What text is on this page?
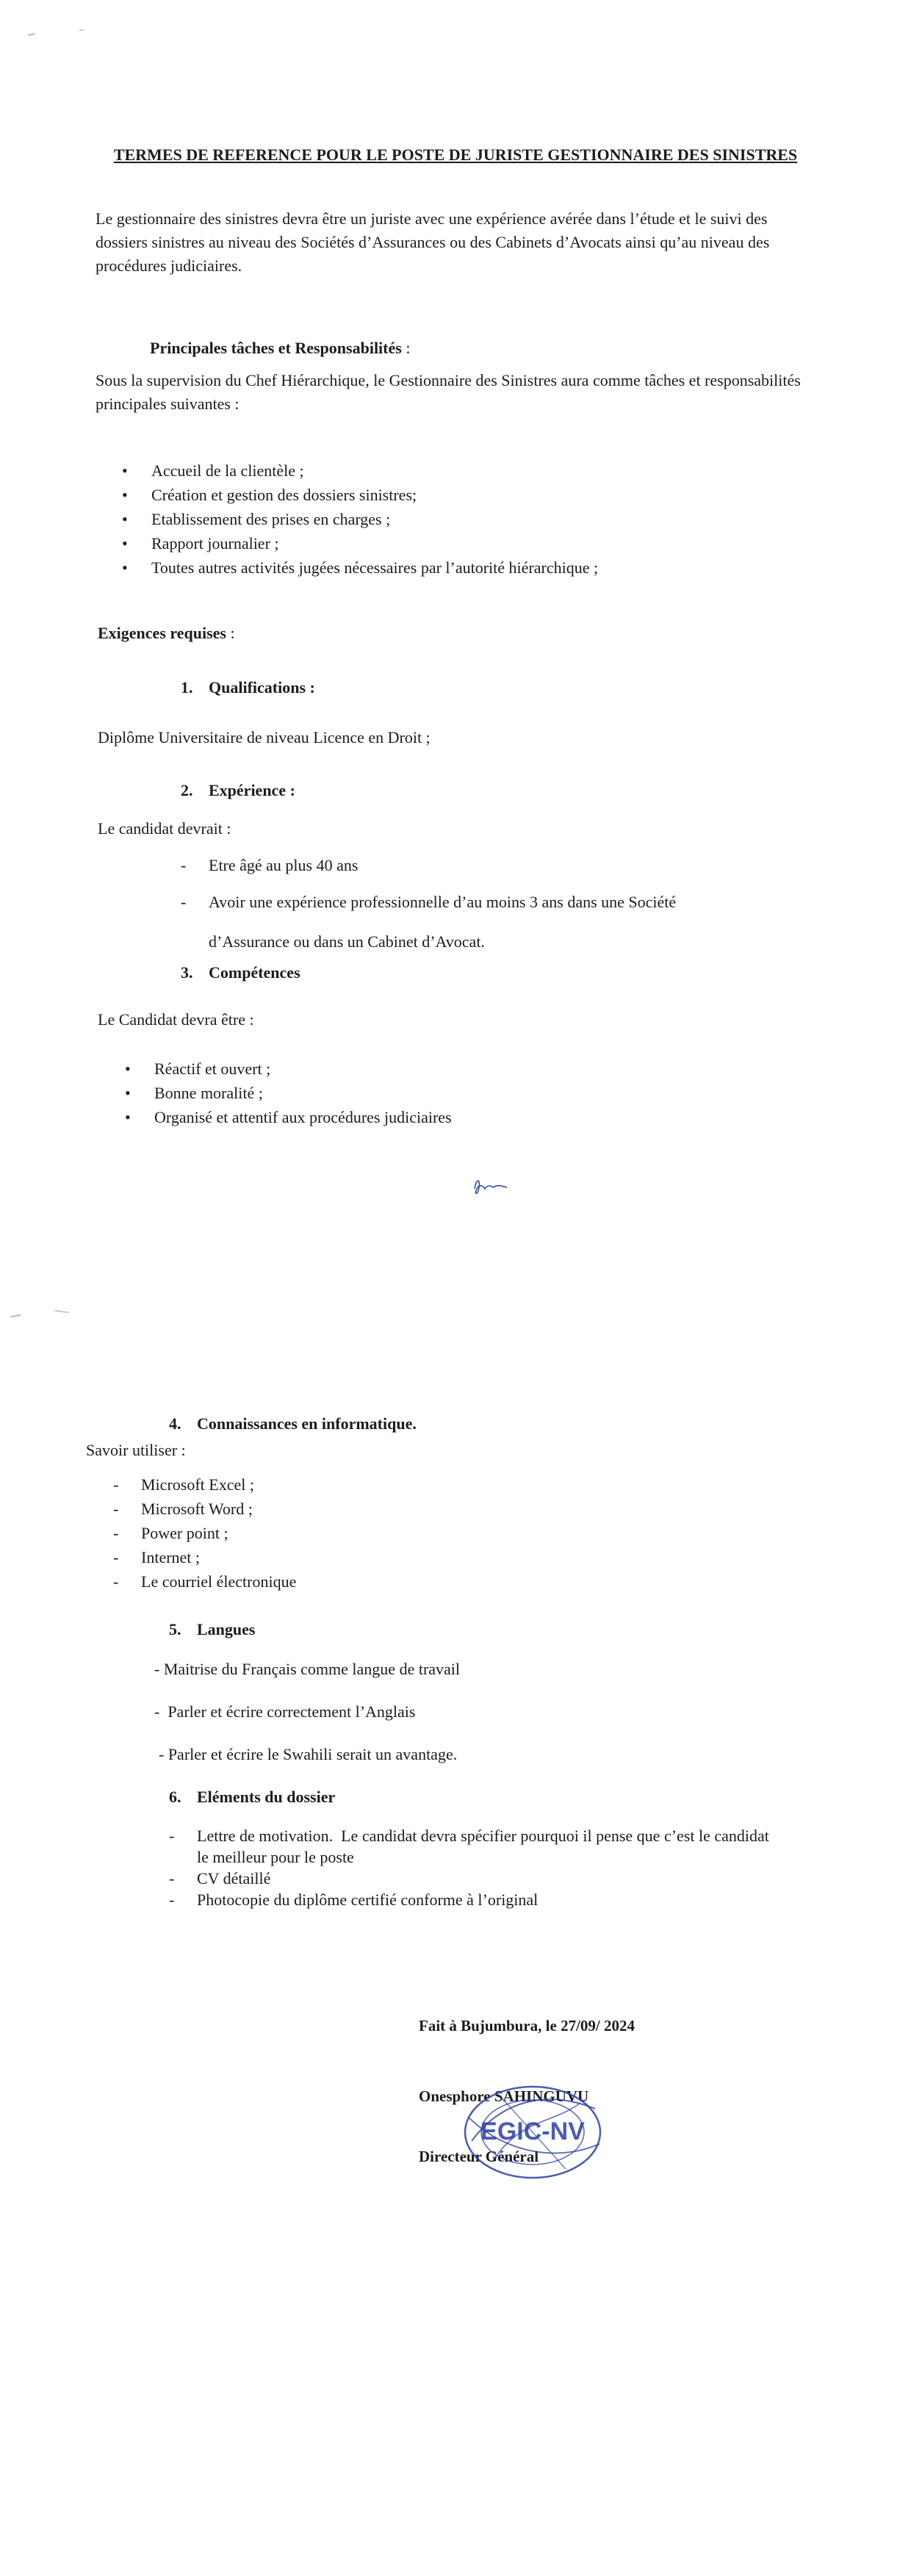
TERMES DE REFERENCE POUR LE POSTE DE JURISTE GESTIONNAIRE DES SINISTRES
Le gestionnaire des sinistres devra être un juriste avec une expérience avérée dans l’étude et le suivi des dossiers sinistres au niveau des Sociétés d’Assurances ou des Cabinets d’Avocats ainsi qu’au niveau des procédures judiciaires.
Principales tâches et Responsabilités :
Sous la supervision du Chef Hiérarchique, le Gestionnaire des Sinistres aura comme tâches et responsabilités principales suivantes :
• Accueil de la clientèle ;
• Création et gestion des dossiers sinistres;
• Etablissement des prises en charges ;
• Rapport journalier ;
• Toutes autres activités jugées nécessaires par l’autorité hiérarchique ;
Exigences requises :
1. Qualifications :
Diplôme Universitaire de niveau Licence en Droit ;
2. Expérience :
Le candidat devrait :
- Etre âgé au plus 40 ans
- Avoir une expérience professionnelle d’au moins 3 ans dans une Société
d’Assurance ou dans un Cabinet d’Avocat.
3. Compétences
Le Candidat devra être :
• Réactif et ouvert ;
• Bonne moralité ;
• Organisé et attentif aux procédures judiciaires
4. Connaissances en informatique.
Savoir utiliser :
- Microsoft Excel ;
- Microsoft Word ;
- Power point ;
- Internet ;
- Le courriel électronique
5. Langues
- Maitrise du Français comme langue de travail
-  Parler et écrire correctement l’Anglais
- Parler et écrire le Swahili serait un avantage.
6. Eléments du dossier
- Lettre de motivation.  Le candidat devra spécifier pourquoi il pense que c’est le candidat le meilleur pour le poste
- CV détaillé
- Photocopie du diplôme certifié conforme à l’original
Fait à Bujumbura, le 27/09/ 2024
Onesphore SAHINGUVU
Directeur Général
EGIC-NV
